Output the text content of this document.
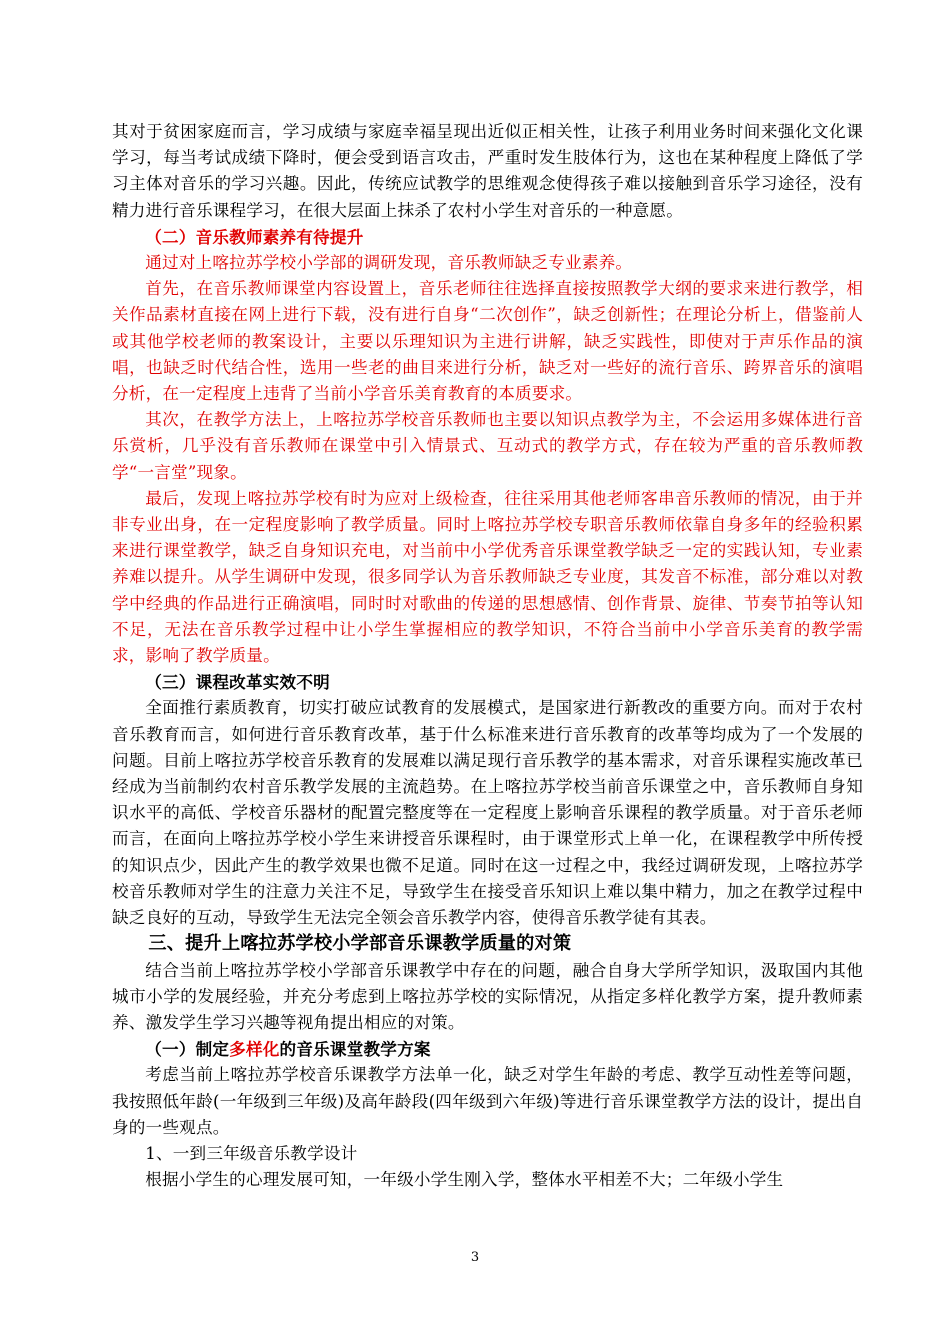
其对于贫困家庭而言，学习成绩与家庭幸福呈现出近似正相关性，让孩子利用业务时间来强化文化课学习，每当考试成绩下降时，便会受到语言攻击，严重时发生肢体行为，这也在某种程度上降低了学习主体对音乐的学习兴趣。因此，传统应试教学的思维观念使得孩子难以接触到音乐学习途径，没有精力进行音乐课程学习，在很大层面上抹杀了农村小学生对音乐的一种意愿。

（二）音乐教师素养有待提升

通过对上喀拉苏学校小学部的调研发现，音乐教师缺乏专业素养。

首先，在音乐教师课堂内容设置上，音乐老师往往选择直接按照教学大纲的要求来进行教学，相关作品素材直接在网上进行下载，没有进行自身“二次创作”，缺乏创新性；在理论分析上，借鉴前人或其他学校老师的教案设计，主要以乐理知识为主进行讲解，缺乏实践性，即使对于声乐作品的演唱，也缺乏时代结合性，选用一些老的曲目来进行分析，缺乏对一些好的流行音乐、跨界音乐的演唱分析，在一定程度上违背了当前小学音乐美育教育的本质要求。

其次，在教学方法上，上喀拉苏学校音乐教师也主要以知识点教学为主，不会运用多媒体进行音乐赏析，几乎没有音乐教师在课堂中引入情景式、互动式的教学方式，存在较为严重的音乐教师教学“一言堂”现象。

最后，发现上喀拉苏学校有时为应对上级检查，往往采用其他老师客串音乐教师的情况，由于并非专业出身，在一定程度影响了教学质量。同时上喀拉苏学校专职音乐教师依靠自身多年的经验积累来进行课堂教学，缺乏自身知识充电，对当前中小学优秀音乐课堂教学缺乏一定的实践认知，专业素养难以提升。从学生调研中发现，很多同学认为音乐教师缺乏专业度，其发音不标准，部分难以对教学中经典的作品进行正确演唱，同时时对歌曲的传递的思想感情、创作背景、旋律、节奏节拍等认知不足，无法在音乐教学过程中让小学生掌握相应的教学知识，不符合当前中小学音乐美育的教学需求，影响了教学质量。

（三）课程改革实效不明

全面推行素质教育，切实打破应试教育的发展模式，是国家进行新教改的重要方向。而对于农村音乐教育而言，如何进行音乐教育改革，基于什么标准来进行音乐教育的改革等均成为了一个发展的问题。目前上喀拉苏学校音乐教育的发展难以满足现行音乐教学的基本需求，对音乐课程实施改革已经成为当前制约农村音乐教学发展的主流趋势。在上喀拉苏学校当前音乐课堂之中，音乐教师自身知识水平的高低、学校音乐器材的配置完整度等在一定程度上影响音乐课程的教学质量。对于音乐老师而言，在面向上喀拉苏学校小学生来讲授音乐课程时，由于课堂形式上单一化，在课程教学中所传授的知识点少，因此产生的教学效果也微不足道。同时在这一过程之中，我经过调研发现，上喀拉苏学校音乐教师对学生的注意力关注不足，导致学生在接受音乐知识上难以集中精力，加之在教学过程中缺乏良好的互动，导致学生无法完全领会音乐教学内容，使得音乐教学徒有其表。

三、提升上喀拉苏学校小学部音乐课教学质量的对策

结合当前上喀拉苏学校小学部音乐课教学中存在的问题，融合自身大学所学知识，汲取国内其他城市小学的发展经验，并充分考虑到上喀拉苏学校的实际情况，从指定多样化教学方案，提升教师素养、激发学生学习兴趣等视角提出相应的对策。

（一）制定多样化的音乐课堂教学方案

考虑当前上喀拉苏学校音乐课教学方法单一化，缺乏对学生年龄的考虑、教学互动性差等问题，我按照低年龄(一年级到三年级)及高年龄段(四年级到六年级)等进行音乐课堂教学方法的设计，提出自身的一些观点。

1、一到三年级音乐教学设计

根据小学生的心理发展可知，一年级小学生刚入学，整体水平相差不大；二年级小学生

3
